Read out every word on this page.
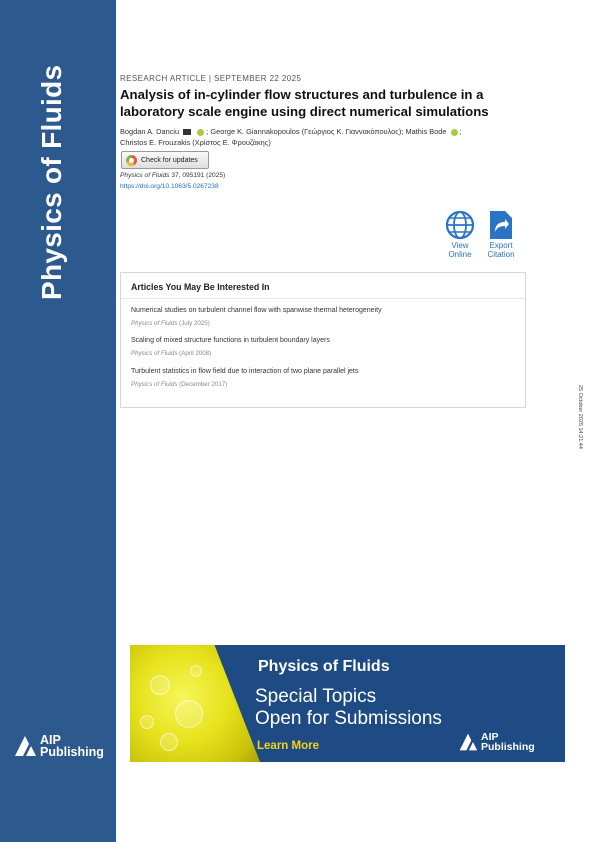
Physics of Fluids
AIP
Publishing
RESEARCH ARTICLE | SEPTEMBER 22 2025
Analysis of in-cylinder flow structures and turbulence in a laboratory scale engine using direct numerical simulations
Bogdan A. Danciu	; George K. Giannakopoulos (Γεώργιος Κ. Γιαννακόπουλος); Mathis Bode ;
Christos E. Frouzakis (Χρίστος Ε. Φρουζάκης)
Check for updates
Physics of Fluids 37, 095191 (2025)
https://doi.org/10.1063/5.0267238
View
Online
Export
Citation
Articles You May Be Interested In
Numerical studies on turbulent channel flow with spanwise thermal heterogeneity
Physics of Fluids (July 2025)
Scaling of mixed structure functions in turbulent boundary layers
Physics of Fluids (April 2008)
Turbulent statistics in flow field due to interaction of two plane parallel jets
Physics of Fluids (December 2017)
25 October 2025 14:21:44
Physics of Fluids
Special Topics
Open for Submissions
Learn More
AIP
Publishing
